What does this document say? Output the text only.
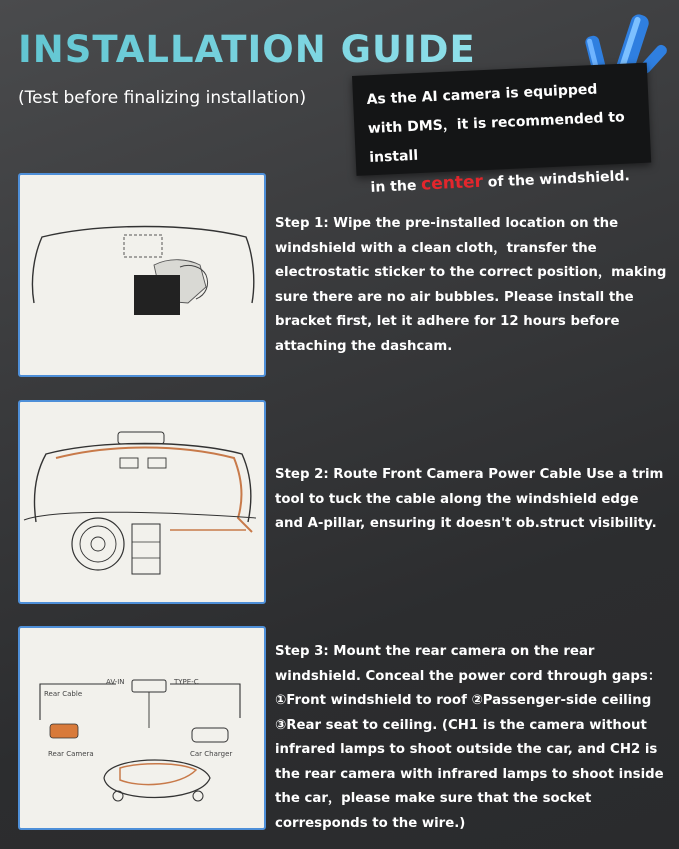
INSTALLATION GUIDE
(Test before finalizing installation)	As the AI camera is equipped
with DMS，it is recommended to install
in the center of the windshield.
AV-IN	TYPE-C
Rear Cable
Rear Camera	Car Charger
Step 1: Wipe the pre-installed location on the windshield with a clean cloth，transfer the electrostatic sticker to the correct position，making sure there are no air bubbles. Please install the bracket first, let it adhere for 12 hours before attaching the dashcam.
Step 2: Route Front Camera Power Cable Use a trim tool to tuck the cable along the windshield edge and A-pillar, ensuring it doesn't ob.struct visibility.
Step 3: Mount the rear camera on the rear windshield. Conceal the power cord through gaps：①Front windshield to roof ②Passenger-side ceiling ③Rear seat to ceiling. (CH1 is the camera without infrared lamps to shoot outside the car, and CH2 is the rear camera with infrared lamps to shoot inside the car，please make sure that the socket corresponds to the wire.)
